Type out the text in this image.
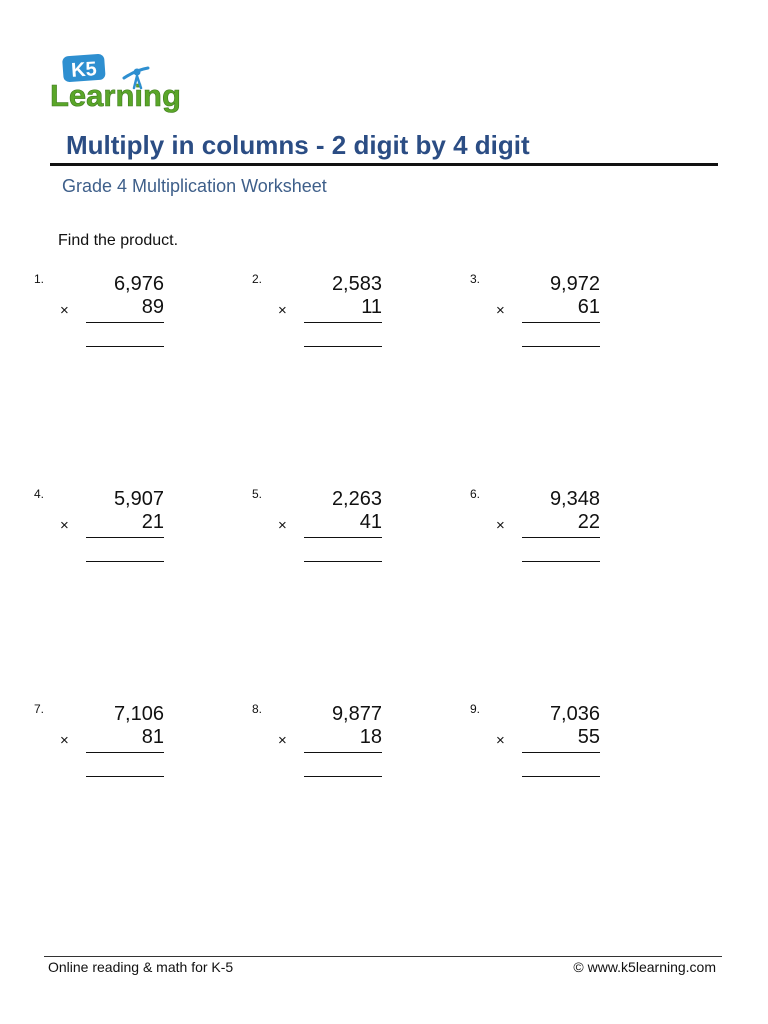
K5
Learning
Multiply in columns - 2 digit by 4 digit
Grade 4 Multiplication Worksheet
Find the product.
1.	6,976
×	89
2.	2,583
×	11
3.	9,972
×	61
4.	5,907
×	21
5.	2,263
×	41
6.	9,348
×	22
7.	7,106
×	81
8.	9,877
×	18
9.	7,036
×	55
Online reading & math for K-5	© www.k5learning.com
